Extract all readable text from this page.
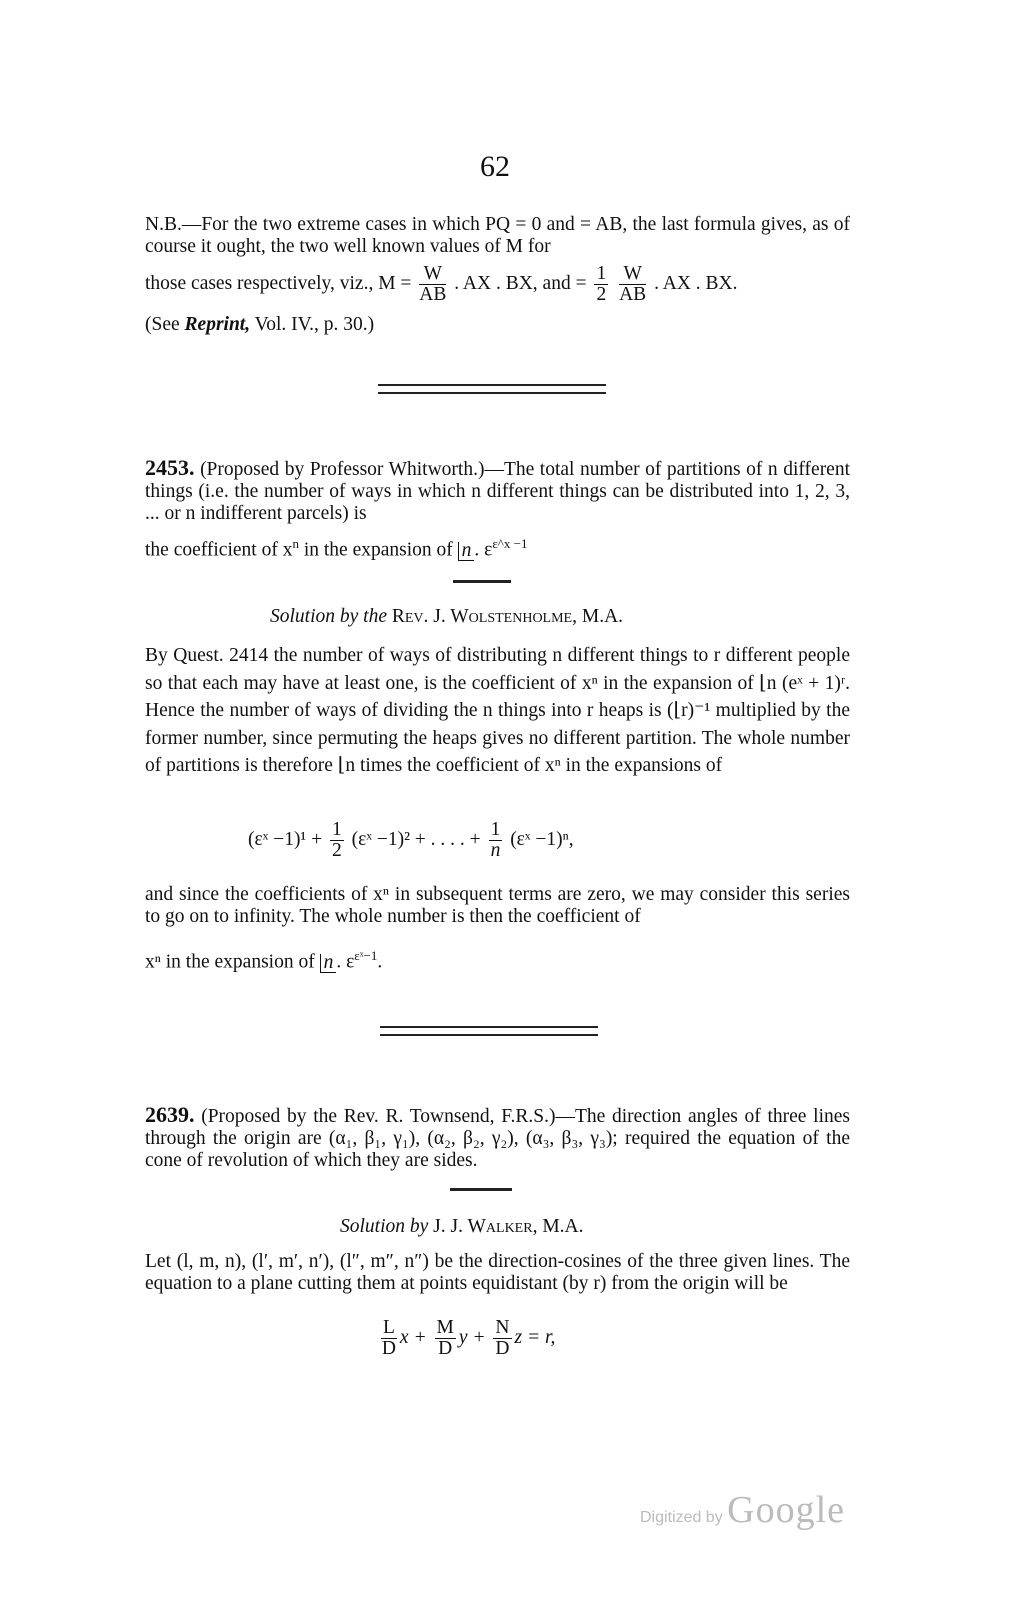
62
N.B.—For the two extreme cases in which PQ = 0 and = AB, the last formula gives, as of course it ought, the two well known values of M for
those cases respectively, viz., $M = \frac{W}{AB}$ . AX . BX, and = $\frac{1}{2}$
$\frac{W}{AB}$ . AX . BX.
(See Reprint, Vol. IV., p. 30.)
2453. (Proposed by Professor Whitworth.)—The total number of partitions of n different things (i.e. the number of ways in which n different things can be distributed into 1, 2, 3, ... or n indifferent parcels) is
the coefficient of $x^n$ in the expansion of n . $\varepsilon^{\varepsilon\^{}x -1}$
Solution by the Rev. J. Wolstenholme, M.A.
By Quest. 2414 the number of ways of distributing n different things to r different people so that each may have at least one, is the coefficient of xⁿ in the expansion of ⌊n (eˣ + 1)ʳ. Hence the number of ways of dividing the n things into r heaps is (⌊r)⁻¹ multiplied by the former number, since permuting the heaps gives no different partition. The whole number of partitions is therefore ⌊n times the coefficient of xⁿ in the expansions of
(εˣ $-1)^1 + \frac{1}{2}$ (εˣ −1)² + . . . . + $\frac{1}{n}$ (εˣ −1)ⁿ,
and since the coefficients of xⁿ in subsequent terms are zero, we may consider this series to go on to infinity. The whole number is then the coefficient of
xⁿ in the expansion of n . $\varepsilon^{\varepsilon ˣ-1}$.
2639. (Proposed by the Rev. R. Townsend, F.R.S.)—The direction angles of three lines through the origin are (α₁, β₁, γ₁), (α₂, β₂, γ₂), (α₃, β₃, γ₃); required the equation of the cone of revolution of which they are sides.
Solution by J. J. Walker, M.A.
Let (l, m, n), (l′, m′, n′), (l″, m″, n″) be the direction-cosines of the three given lines. The equation to a plane cutting them at points equidistant (by r) from the origin will be
$\frac{L}{D}$ $x + \frac{M}{D}$ $y + \frac{N}{D}$ z = r,
Digitized by Google
